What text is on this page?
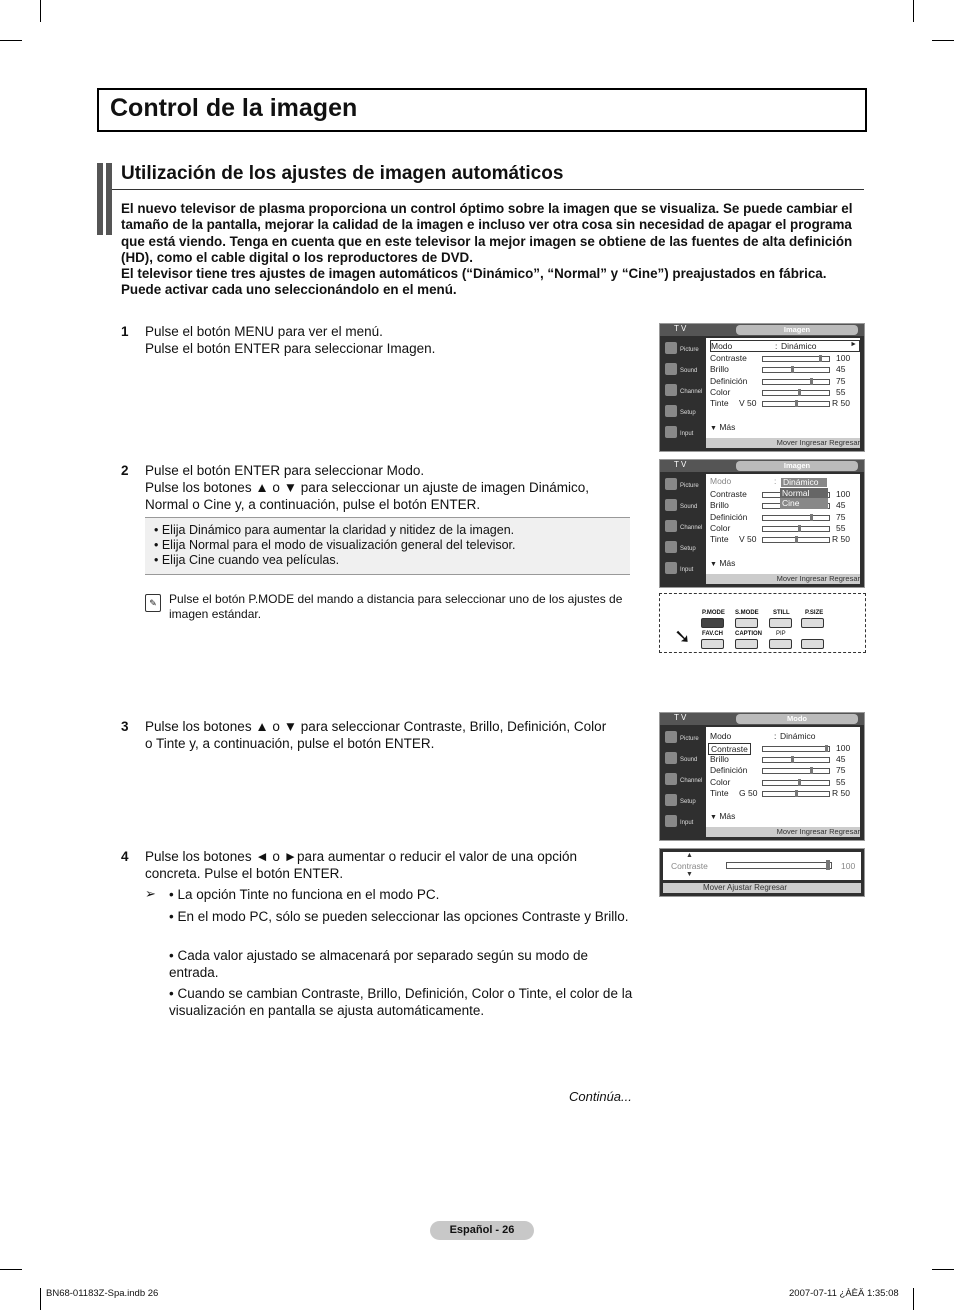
Control de la imagen
Utilización de los ajustes de imagen automáticos
El nuevo televisor de plasma proporciona un control óptimo sobre la imagen que se visualiza. Se puede cambiar el tamaño de la pantalla, mejorar la calidad de la imagen e incluso ver otra cosa sin necesidad de apagar el programa que está viendo. Tenga en cuenta que en este televisor la mejor imagen se obtiene de las fuentes de alta definición (HD), como el cable digital o los reproductores de DVD.
El televisor tiene tres ajustes de imagen automáticos (“Dinámico”, “Normal” y “Cine”) preajustados en fábrica. Puede activar cada uno seleccionándolo en el menú.
1 Pulse el botón MENU para ver el menú.
Pulse el botón ENTER para seleccionar Imagen.
2 Pulse el botón ENTER para seleccionar Modo.
Pulse los botones ▲ o ▼ para seleccionar un ajuste de imagen Dinámico,
Normal o Cine y, a continuación, pulse el botón ENTER.
• Elija Dinámico para aumentar la claridad y nitidez de la imagen.
• Elija Normal para el modo de visualización general del televisor.
• Elija Cine cuando vea películas.
✎	Pulse el botón P.MODE del mando a distancia para seleccionar uno de los ajustes de imagen estándar.
3 Pulse los botones ▲ o ▼ para seleccionar Contraste, Brillo, Definición, Color
o Tinte y, a continuación, pulse el botón ENTER.
4 Pulse los botones ◄ o ►para aumentar o reducir el valor de una opción
concreta. Pulse el botón ENTER.
➢ • La opción Tinte no funciona en el modo PC.
• En el modo PC, sólo se pueden seleccionar las opciones Contraste y Brillo.
• Cada valor ajustado se almacenará por separado según su modo de entrada.
• Cuando se cambian Contraste, Brillo, Definición, Color o Tinte, el color de la visualización en pantalla se ajusta automáticamente.
Continúa...
T V	Imagen
Picture
Sound
Channel
Setup
Input
Modo	: Dinámico	►
Contraste	100
Brillo	45
Definición	75
Color	55
Tinte V 50	R 50
▼ Más
Mover Ingresar Regresar
T V	Imagen
Picture
Sound
Channel
Setup
Input
Modo	:
Contraste	100
Brillo	45
Definición	75
Color	55
Tinte V 50	R 50
▼ Más
Dinámico
Normal
Cine
Mover Ingresar Regresar
P.MODE S.MODE STILL	P.SIZE
FAV.CH CAPTION PIP
➘
T V	Modo
Picture
Sound
Channel
Setup
Input
Modo	: Dinámico
Contraste	100
Brillo	45
Definición	75
Color	55
Tinte G 50	R 50
▼ Más
Mover Ingresar Regresar
▲
Contraste	100
▼
Mover Ajustar Regresar
Español - 26
BN68-01183Z-Spa.indb 26	2007-07-11 ¿ÀÈÄ 1:35:08
